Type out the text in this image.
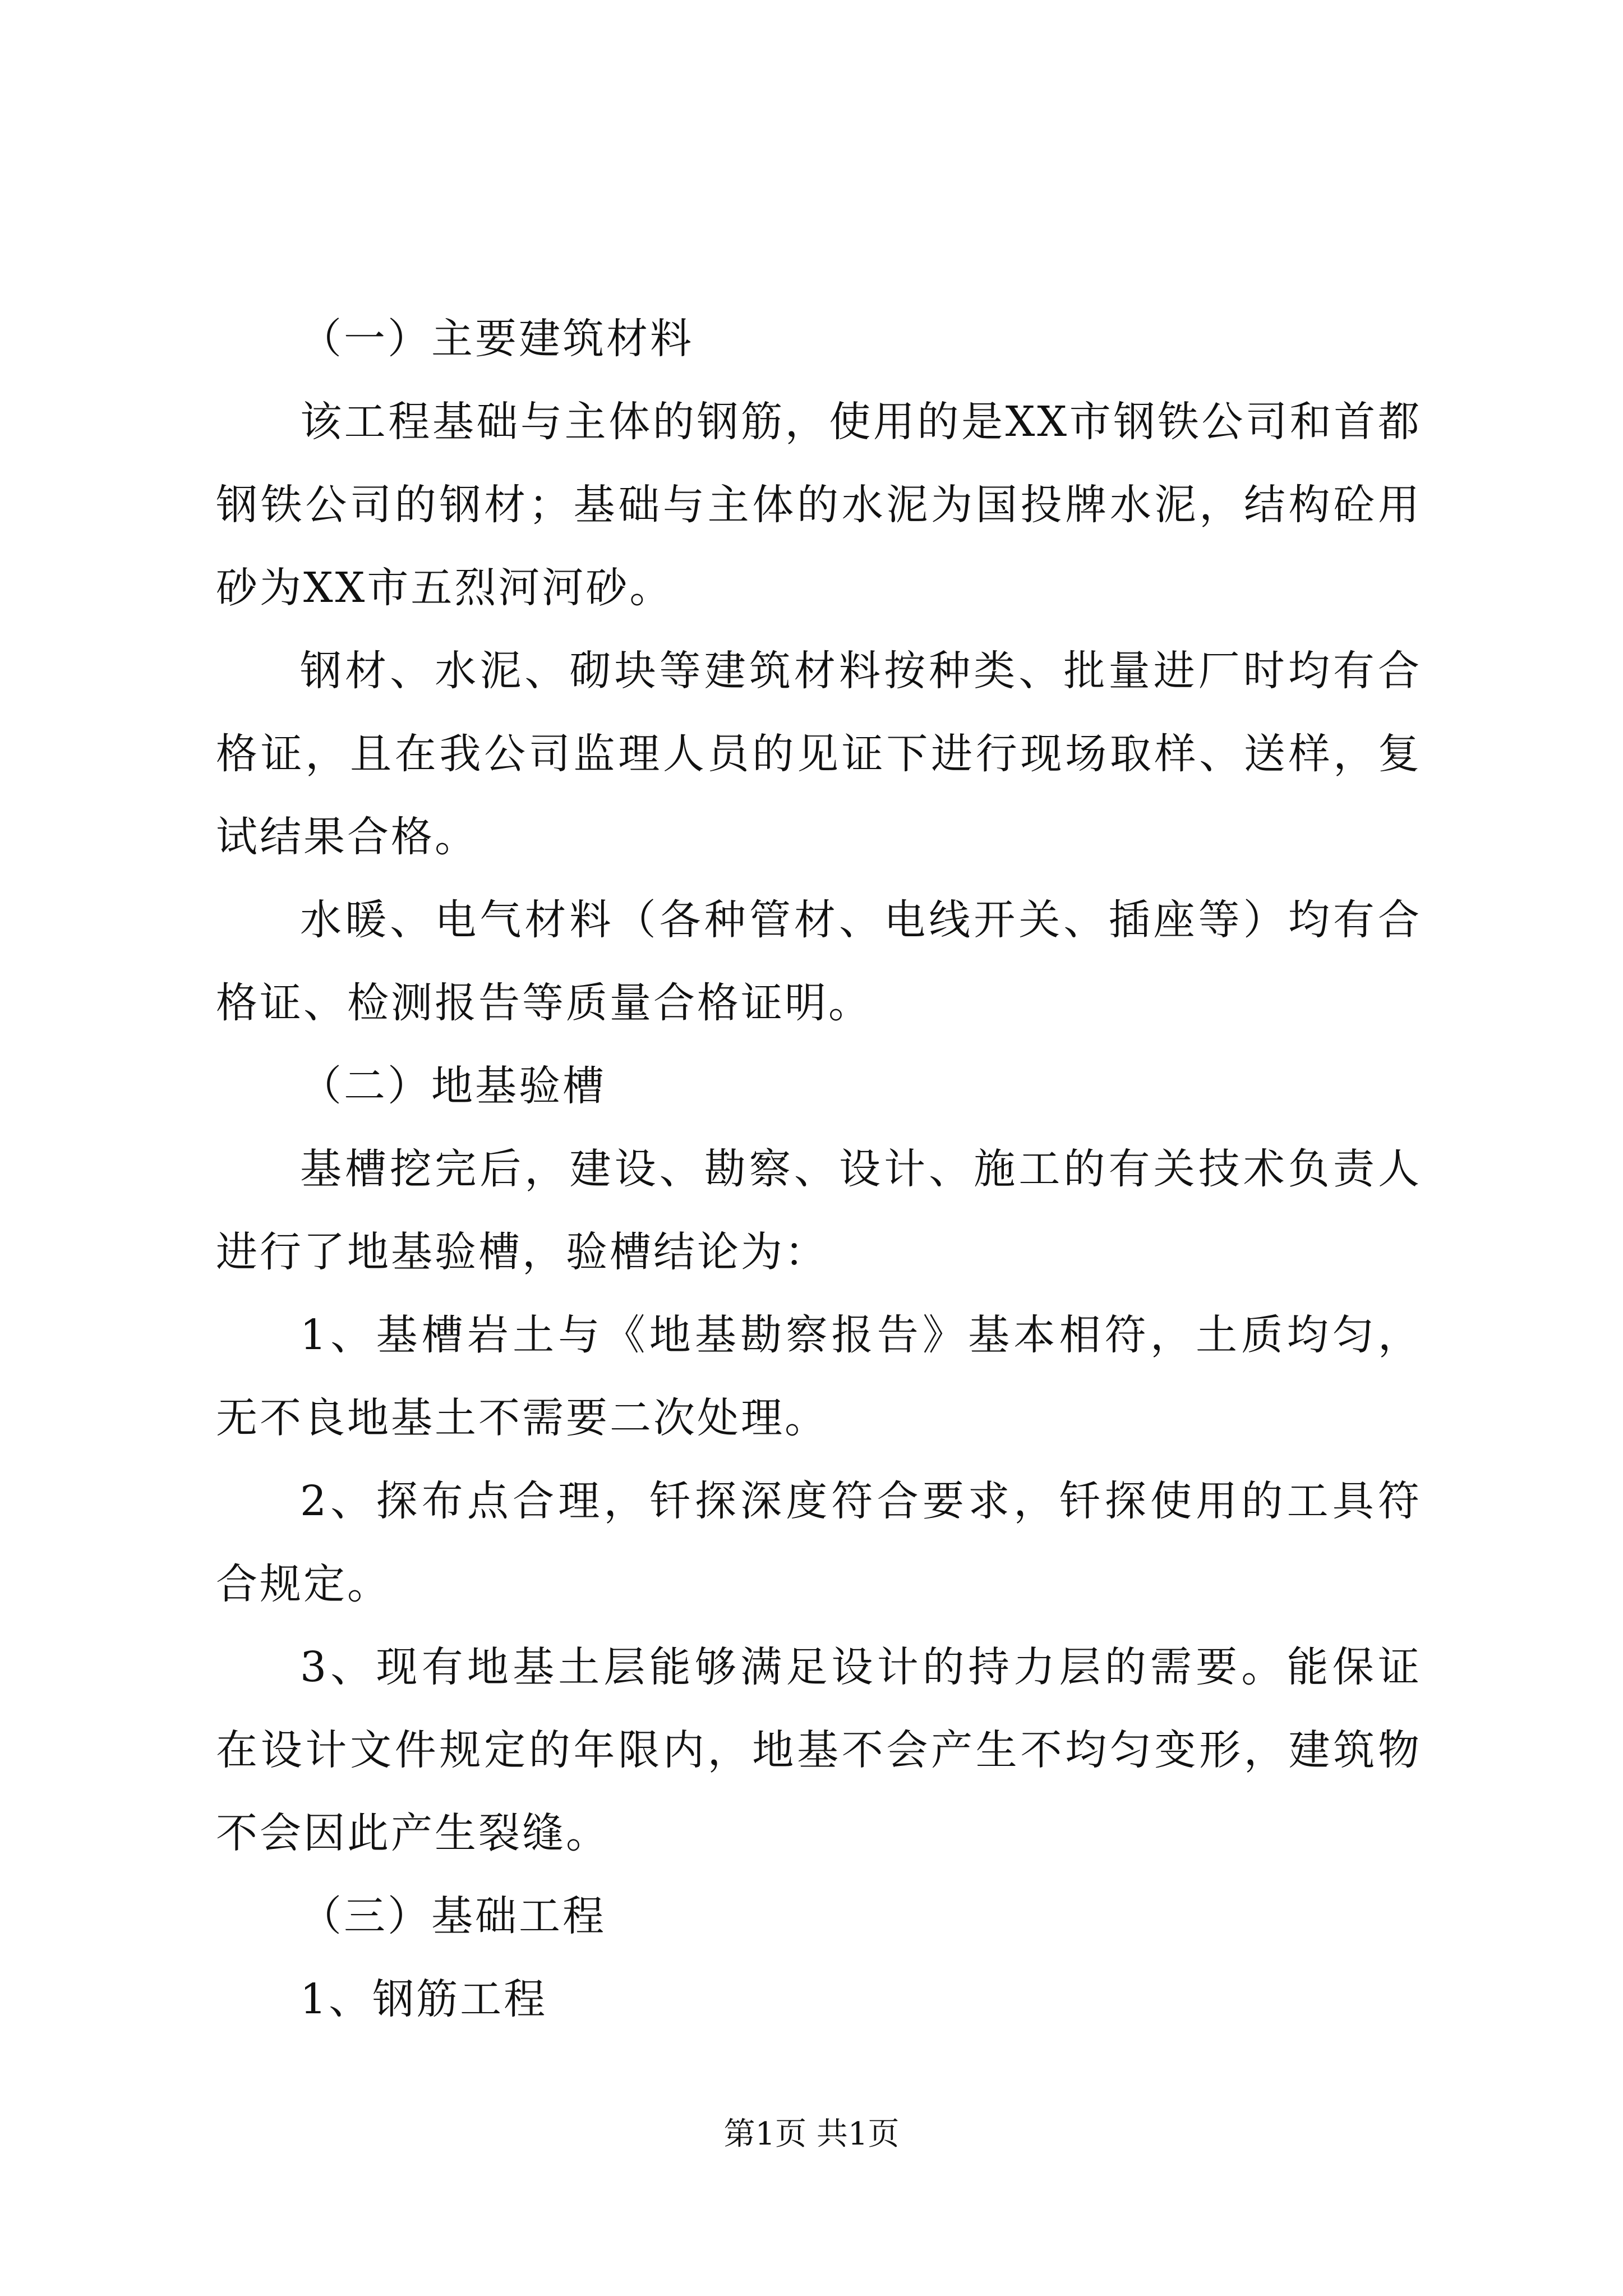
（一）主要建筑材料

该工程基础与主体的钢筋，使用的是XX市钢铁公司和首都钢铁公司的钢材；基础与主体的水泥为国投牌水泥，结构砼用砂为XX市五烈河河砂。

钢材、水泥、砌块等建筑材料按种类、批量进厂时均有合格证，且在我公司监理人员的见证下进行现场取样、送样，复试结果合格。

水暖、电气材料（各种管材、电线开关、插座等）均有合格证、检测报告等质量合格证明。

（二）地基验槽

基槽挖完后，建设、勘察、设计、施工的有关技术负责人进行了地基验槽，验槽结论为：

1、基槽岩土与《地基勘察报告》基本相符，土质均匀，无不良地基土不需要二次处理。

2、探布点合理，钎探深度符合要求，钎探使用的工具符合规定。

3、现有地基土层能够满足设计的持力层的需要。能保证在设计文件规定的年限内，地基不会产生不均匀变形，建筑物不会因此产生裂缝。

（三）基础工程

1、钢筋工程

第1页 共1页
